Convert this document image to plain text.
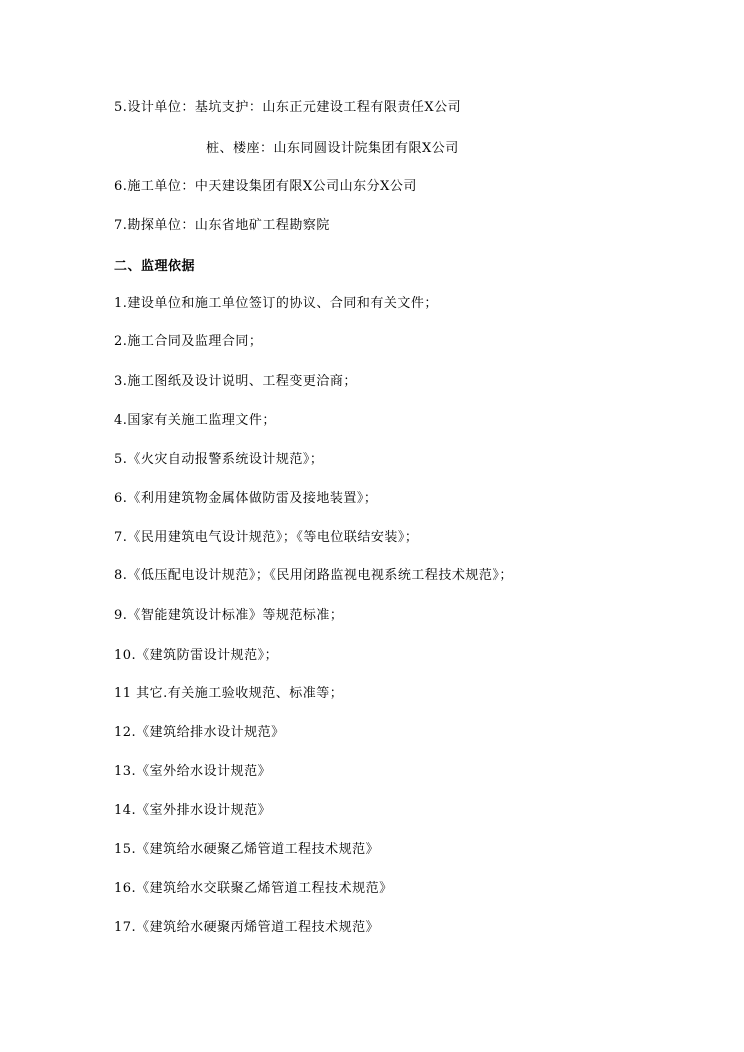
5.设计单位：基坑支护：山东正元建设工程有限责任X公司
桩、楼座：山东同圆设计院集团有限X公司
6.施工单位：中天建设集团有限X公司山东分X公司
7.勘探单位：山东省地矿工程勘察院
二、监理依据
1.建设单位和施工单位签订的协议、合同和有关文件；
2.施工合同及监理合同；
3.施工图纸及设计说明、工程变更洽商；
4.国家有关施工监理文件；
5.《火灾自动报警系统设计规范》；
6.《利用建筑物金属体做防雷及接地装置》；
7.《民用建筑电气设计规范》；《等电位联结安装》；
8.《低压配电设计规范》；《民用闭路监视电视系统工程技术规范》；
9.《智能建筑设计标准》等规范标准；
10.《建筑防雷设计规范》；
11 其它.有关施工验收规范、标准等；
12.《建筑给排水设计规范》
13.《室外给水设计规范》
14.《室外排水设计规范》
15.《建筑给水硬聚乙烯管道工程技术规范》
16.《建筑给水交联聚乙烯管道工程技术规范》
17.《建筑给水硬聚丙烯管道工程技术规范》
